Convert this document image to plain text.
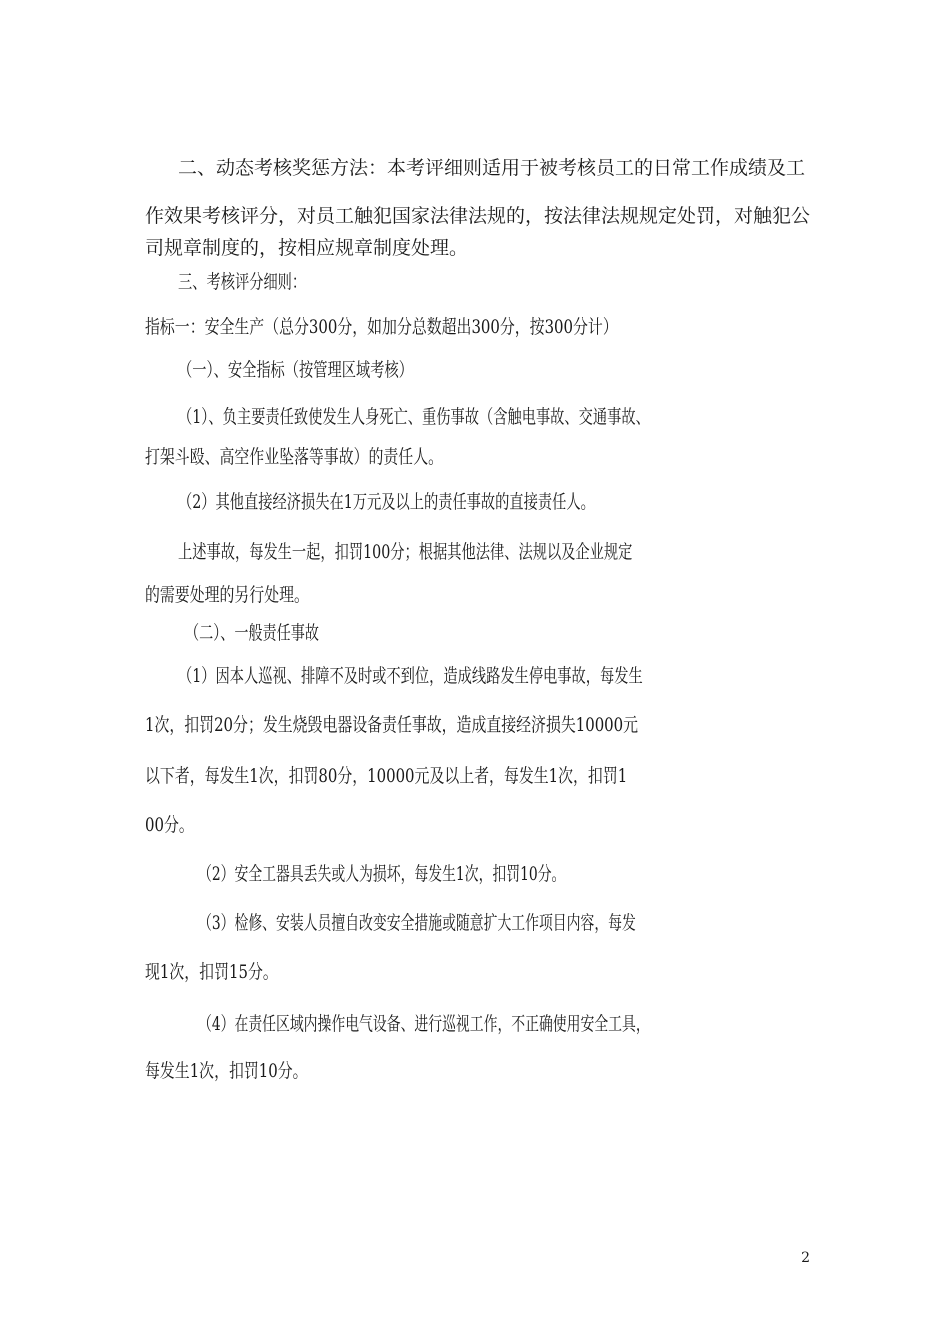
二、动态考核奖惩方法：本考评细则适用于被考核员工的日常工作成绩及工
作效果考核评分，对员工触犯国家法律法规的，按法律法规规定处罚，对触犯公
司规章制度的，按相应规章制度处理。
三、考核评分细则：
指标一：安全生产（总分300分，如加分总数超出300分，按300分计）
（一）、安全指标（按管理区域考核）
（1）、负主要责任致使发生人身死亡、重伤事故（含触电事故、交通事故、
打架斗殴、高空作业坠落等事故）的责任人。
（2）其他直接经济损失在1万元及以上的责任事故的直接责任人。
上述事故，每发生一起，扣罚100分；根据其他法律、法规以及企业规定
的需要处理的另行处理。
（二）、一般责任事故
（1）因本人巡视、排障不及时或不到位，造成线路发生停电事故，每发生
1次，扣罚20分；发生烧毁电器设备责任事故，造成直接经济损失10000元
以下者，每发生1次，扣罚80分，10000元及以上者，每发生1次，扣罚1
00分。
（2）安全工器具丢失或人为损坏，每发生1次，扣罚10分。
（3）检修、安装人员擅自改变安全措施或随意扩大工作项目内容，每发
现1次，扣罚15分。
（4）在责任区域内操作电气设备、进行巡视工作，不正确使用安全工具，
每发生1次，扣罚10分。
2
